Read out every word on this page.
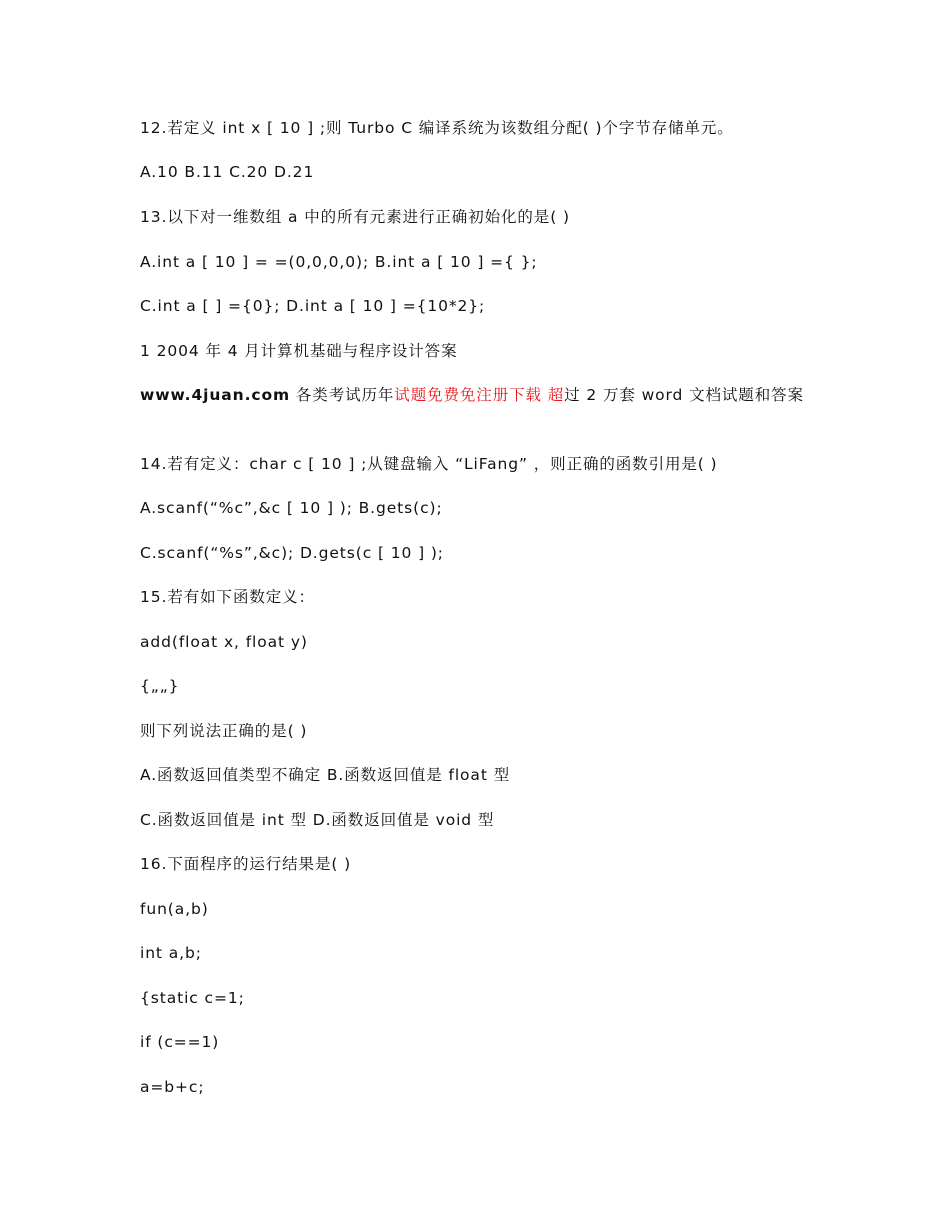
12.若定义 int x [ 10 ] ;则 Turbo C 编译系统为该数组分配( )个字节存储单元。
A.10 B.11 C.20 D.21
13.以下对一维数组 a 中的所有元素进行正确初始化的是( )
A.int a [ 10 ] = =(0,0,0,0); B.int a [ 10 ] ={ };
C.int a [ ] ={0}; D.int a [ 10 ] ={10*2};
1 2004 年 4 月计算机基础与程序设计答案
www.4juan.com 各类考试历年试题免费免注册下载 超过 2 万套 word 文档试题和答案
14.若有定义：char c [ 10 ] ;从键盘输入 “LiFang” ，则正确的函数引用是( )
A.scanf(“%c”,&c [ 10 ] ); B.gets(c);
C.scanf(“%s”,&c); D.gets(c [ 10 ] );
15.若有如下函数定义：
add(float x, float y)
{„„}
则下列说法正确的是( )
A.函数返回值类型不确定 B.函数返回值是 float 型
C.函数返回值是 int 型 D.函数返回值是 void 型
16.下面程序的运行结果是( )
fun(a,b)
int a,b;
{static c=1;
if (c==1)
a=b+c;
